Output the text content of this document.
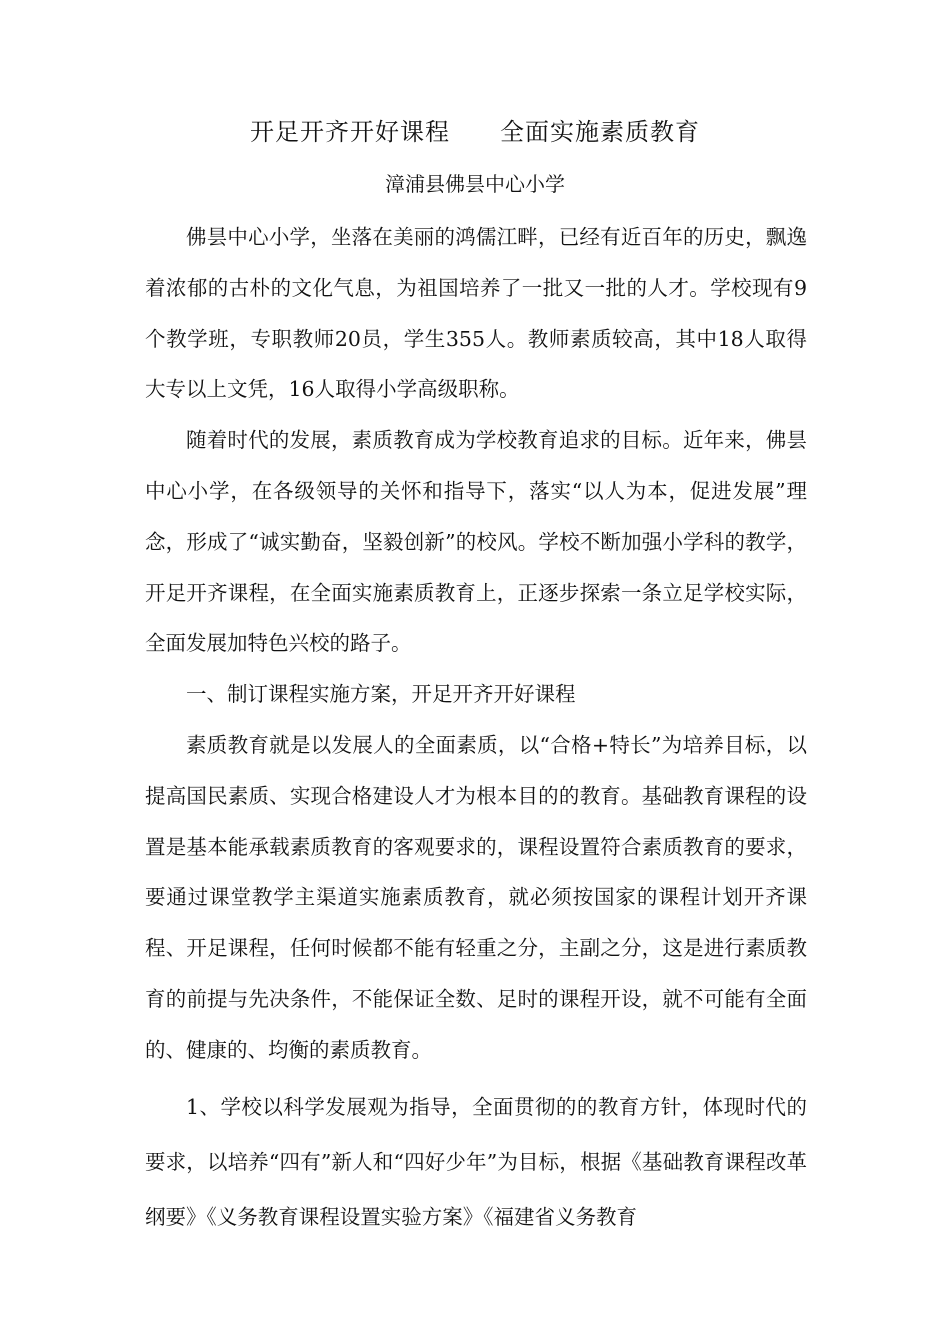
开足开齐开好课程　　全面实施素质教育
漳浦县佛昙中心小学

佛昙中心小学，坐落在美丽的鸿儒江畔，已经有近百年的历史，飘逸着浓郁的古朴的文化气息，为祖国培养了一批又一批的人才。学校现有9个教学班，专职教师20员，学生355人。教师素质较高，其中18人取得大专以上文凭，16人取得小学高级职称。

随着时代的发展，素质教育成为学校教育追求的目标。近年来，佛昙中心小学，在各级领导的关怀和指导下，落实“以人为本，促进发展”理念，形成了“诚实勤奋，坚毅创新”的校风。学校不断加强小学科的教学，开足开齐课程，在全面实施素质教育上，正逐步探索一条立足学校实际，全面发展加特色兴校的路子。

一、制订课程实施方案，开足开齐开好课程

素质教育就是以发展人的全面素质，以“合格+特长”为培养目标，以提高国民素质、实现合格建设人才为根本目的的教育。基础教育课程的设置是基本能承载素质教育的客观要求的，课程设置符合素质教育的要求，要通过课堂教学主渠道实施素质教育，就必须按国家的课程计划开齐课程、开足课程，任何时候都不能有轻重之分，主副之分，这是进行素质教育的前提与先决条件，不能保证全数、足时的课程开设，就不可能有全面的、健康的、均衡的素质教育。

1、学校以科学发展观为指导，全面贯彻的的教育方针，体现时代的要求，以培养“四有”新人和“四好少年”为目标，根据《基础教育课程改革纲要》《义务教育课程设置实验方案》《福建省义务教育
